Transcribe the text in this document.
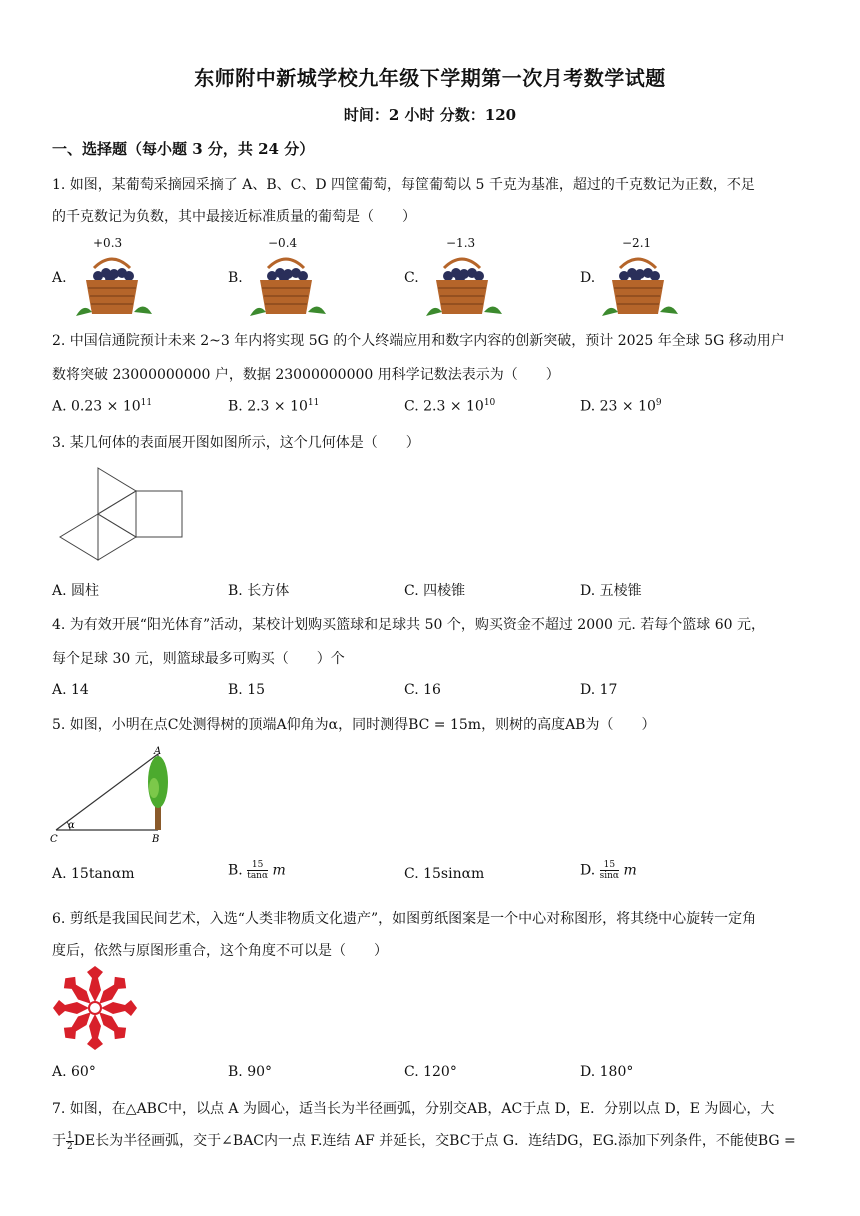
东师附中新城学校九年级下学期第一次月考数学试题
时间：2 小时 分数：120
一、选择题（每小题 3 分，共 24 分）
1. 如图，某葡萄采摘园采摘了 A、B、C、D 四筐葡萄，每筐葡萄以 5 千克为基准，超过的千克数记为正数，不足
的千克数记为负数，其中最接近标准质量的葡萄是（　　）
A.
+0.3
B.
−0.4
C.
−1.3
D.
−2.1
2. 中国信通院预计未来 2~3 年内将实现 5G 的个人终端应用和数字内容的创新突破，预计 2025 年全球 5G 移动用户
数将突破 23000000000 户，数据 23000000000 用科学记数法表示为（　　）
A. $0.23 \times 10^{11}$	B. $2.3 \times 10^{11}$	C. $2.3 \times 10^{10}$	D. $23 \times 10^9$
3. 某几何体的表面展开图如图所示，这个几何体是（　　）
A. 圆柱	B. 长方体	C. 四棱锥	D. 五棱锥
4. 为有效开展“阳光体育”活动，某校计划购买篮球和足球共 50 个，购买资金不超过 2000 元. 若每个篮球 60 元，
每个足球 30 元，则篮球最多可购买（　　）个
A. 14	B. 15	C. 16	D. 17
5. 如图，小明在点C处测得树的顶端A仰角为α，同时测得BC = 15m，则树的高度AB为（　　）
A
B
C
α
A. 15tanαm	B. $\frac{15}{\tan\alpha}$ m	C. 15sinαm	D. $\frac{15}{\sin\alpha}$ m
6. 剪纸是我国民间艺术，入选“人类非物质文化遗产”，如图剪纸图案是一个中心对称图形，将其绕中心旋转一定角
度后，依然与原图形重合，这个角度不可以是（　　）
A. 60°	B. 90°	C. 120°	D. 180°
7. 如图，在△ABC中，以点 A 为圆心，适当长为半径画弧，分别交AB，AC于点 D，E．分别以点 D，E 为圆心，大
于 $\frac{1}{2}$ DE长为半径画弧，交于∠BAC内一点 F.连结 AF 并延长，交BC于点 G．连结DG，EG.添加下列条件，不能使BG =
